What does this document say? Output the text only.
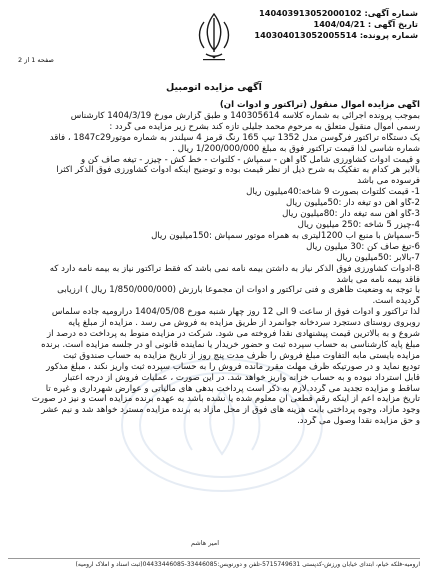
شماره آگهی: 140403913052000102
تاریخ آگهی : 1404/04/21
شماره پرونده: 140304013052005514
صفحه 1 از 2
آگهی مزایده اتومبیل

آگهی مزایده اموال منقول (تراکتور و ادوات آن)

بموجب پرونده اجرائی به شماره کلاسه 140305614 و طبق گزارش مورخ 1404/3/19 کارشناس

رسمی اموال منقول متعلق به مرحوم محمد جلیلی تازه کند بشرح زیر مزایده می گردد :

یک دستگاه تراکتور فرگوسن مدل 1352 تیپ 165 رنگ قرمز 4 سیلندر به شماره موتور1847c29 ، فاقد

شماره شاسی لذا قیمت تراکتور فوق به مبلغ 1/200/000/000 ریال .

و قیمت ادوات کشاورزی شامل گاو آهن - سمپاش - کلتوات - خط کش - چیزر - تیغه صاف کن و

بالابر هر کدام به تفکیک به شرح ذیل از نظر قیمت بوده و توضیح اینکه ادوات کشاورزی فوق الذکر اکثراً

فرسوده می باشد

1- قیمت کلتوات بصورت 9 شاخه:40میلیون ریال

2-گاو آهن دو تیغه دار :50میلیون ریال

3-گاو آهن سه تیغه دار :80میلیون ریال

4-چیزر 5 شاخه :250 میلیون ریال

5-سمپاش با منبع آب 1200لیتری به همراه موتور سمپاش :150میلیون ریال

6-تیغ صاف کن :30 میلیون ریال

7-بالابر :50میلیون ریال

8-ادوات کشاورزی فوق الذکر نیاز به داشتن بیمه نامه نمی باشد که فقط تراکتور نیاز به بیمه نامه دارد که

فاقد بیمه نامه می باشد

با توجه به وضعیت ظاهری و فنی تراکتور و ادوات آن مجموعاً بارزش (1/850/000/000 ریال ) ارزیابی

گردیده است.

لذا تراکتور و ادوات فوق از ساعت 9 الی 12 روز چهار شنبه مورخ 1404/05/08 دراروميه جاده سلماس

روبروی روستای دستجرد سردخانه جوانمرد از طریق مزایده به فروش می رسد . مزایده از مبلغ پایه

شروع و به بالاترین قیمت پیشنهادی نقداً فروخته می شود. شرکت در مزایده منوط به پرداخت ده درصد از

مبلغ پایه کارشناسی به حساب سپرده ثبت و حضور خریدار یا نماینده قانونی او در جلسه مزایده است. برنده

مزایده بایستی مابه التفاوت مبلغ فروش را ظرف مدت پنج روز از تاریخ مزایده به حساب صندوق ثبت

توديع نماید و در صورتیکه ظرف مهلت مقرر مانده فروش را به حساب سپرده ثبت واریز نکند ، مبلغ مذکور

قابل استرداد نبوده و به حساب خزانه واریز خواهد شد. در این صورت ، عملیات فروش از درجه اعتبار

ساقط و مزایده تجدید می گردد.لازم به ذکر است پرداخت بدهی های مالیاتی و عوارض شهرداری و غیره تا

تاریخ مزایده اعم از اینکه رقم قطعی آن معلوم شده یا نشده باشد به عهده برنده مزایده است و نیز در صورت

وجود مازاد، وجوه پرداختی بابت هزینه های فوق از محل مازاد به برنده مزایده مسترد خواهد شد و نیم عشر

و حق مزایده نقداً وصول می گردد.

امیر هاشم
ارومیه-فلکه خیام، ابتدای خیابان ورزش-کدپستی 5715749631-تلفن و دورنویس:33446085-04433446085(ثبت اسناد و املاک ارومیه)
